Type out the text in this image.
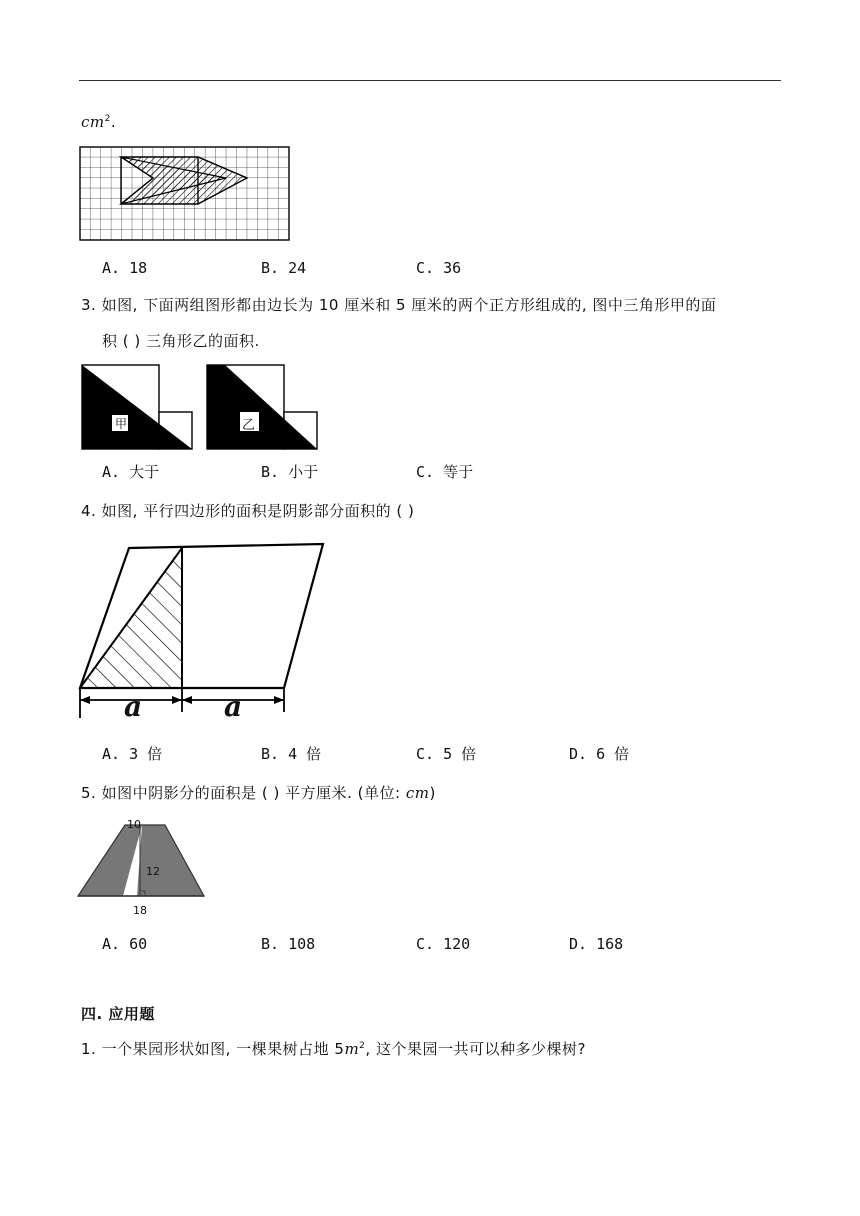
$cm^2$.
A. 18	B. 24	C. 36
3. 如图, 下面两组图形都由边长为 10 厘米和 5 厘米的两个正方形组成的, 图中三角形甲的面
积 ( ) 三角形乙的面积.
甲	乙
A. 大于	B. 小于	C. 等于
4. 如图, 平行四边形的面积是阴影部分面积的 ( )
a	a
A. 3 倍	B. 4 倍	C. 5 倍	D. 6 倍
5. 如图中阴影分的面积是 ( ) 平方厘米. (单位: cm)
10
12
18
A. 60	B. 108	C. 120	D. 168
四. 应用题
1. 一个果园形状如图, 一棵果树占地 $5m^2$, 这个果园一共可以种多少棵树?
